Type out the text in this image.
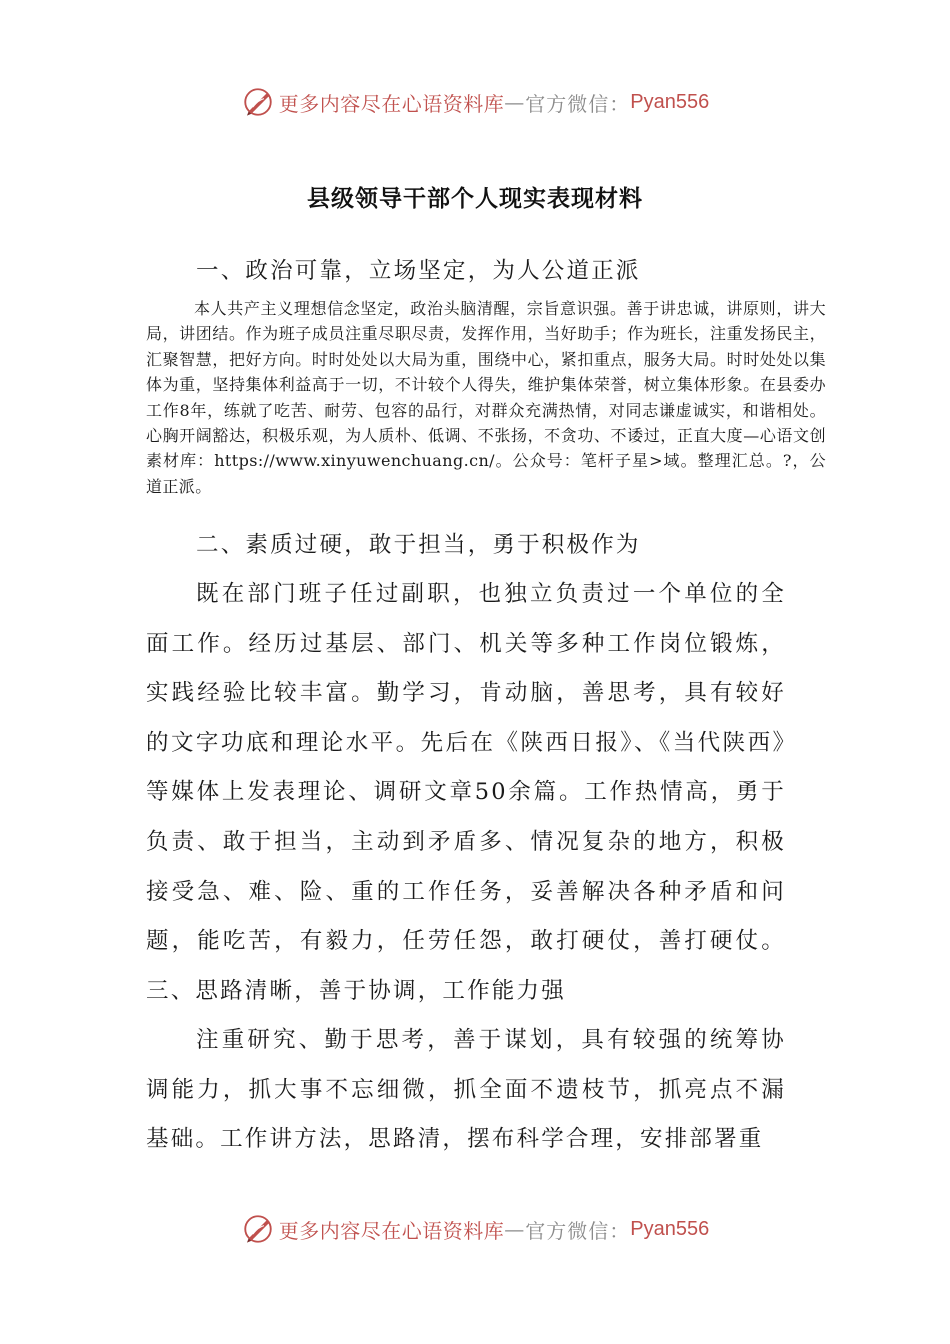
更多内容尽在心语资料库 — 官方微信： Pyan556
县级领导干部个人现实表现材料
一、政治可靠，立场坚定，为人公道正派

本人共产主义理想信念坚定，政治头脑清醒，宗旨意识强。善于讲忠诚，讲原则，讲大局，讲团结。作为班子成员注重尽职尽责，发挥作用，当好助手；作为班长，注重发扬民主，汇聚智慧，把好方向。时时处处以大局为重，围绕中心，紧扣重点，服务大局。时时处处以集体为重，坚持集体利益高于一切，不计较个人得失，维护集体荣誉，树立集体形象。在县委办工作8年，练就了吃苦、耐劳、包容的品行，对群众充满热情，对同志谦虚诚实，和谐相处。心胸开阔豁达，积极乐观，为人质朴、低调、不张扬，不贪功、不诿过，正直大度—心语文创素材库：https://www.xinyuwenchuang.cn/。公众号：笔杆子星>域。整理汇总。?，公道正派。

二、素质过硬，敢于担当，勇于积极作为

既在部门班子任过副职，也独立负责过一个单位的全面工作。经历过基层、部门、机关等多种工作岗位锻炼，实践经验比较丰富。勤学习，肯动脑，善思考，具有较好的文字功底和理论水平。先后在《陕西日报》、《当代陕西》等媒体上发表理论、调研文章50余篇。工作热情高，勇于负责、敢于担当，主动到矛盾多、情况复杂的地方，积极接受急、难、险、重的工作任务，妥善解决各种矛盾和问题，能吃苦，有毅力，任劳任怨，敢打硬仗，善打硬仗。三、思路清晰，善于协调，工作能力强

注重研究、勤于思考，善于谋划，具有较强的统筹协调能力，抓大事不忘细微，抓全面不遗枝节，抓亮点不漏基础。工作讲方法，思路清，摆布科学合理，安排部署重

更多内容尽在心语资料库 — 官方微信： Pyan556
